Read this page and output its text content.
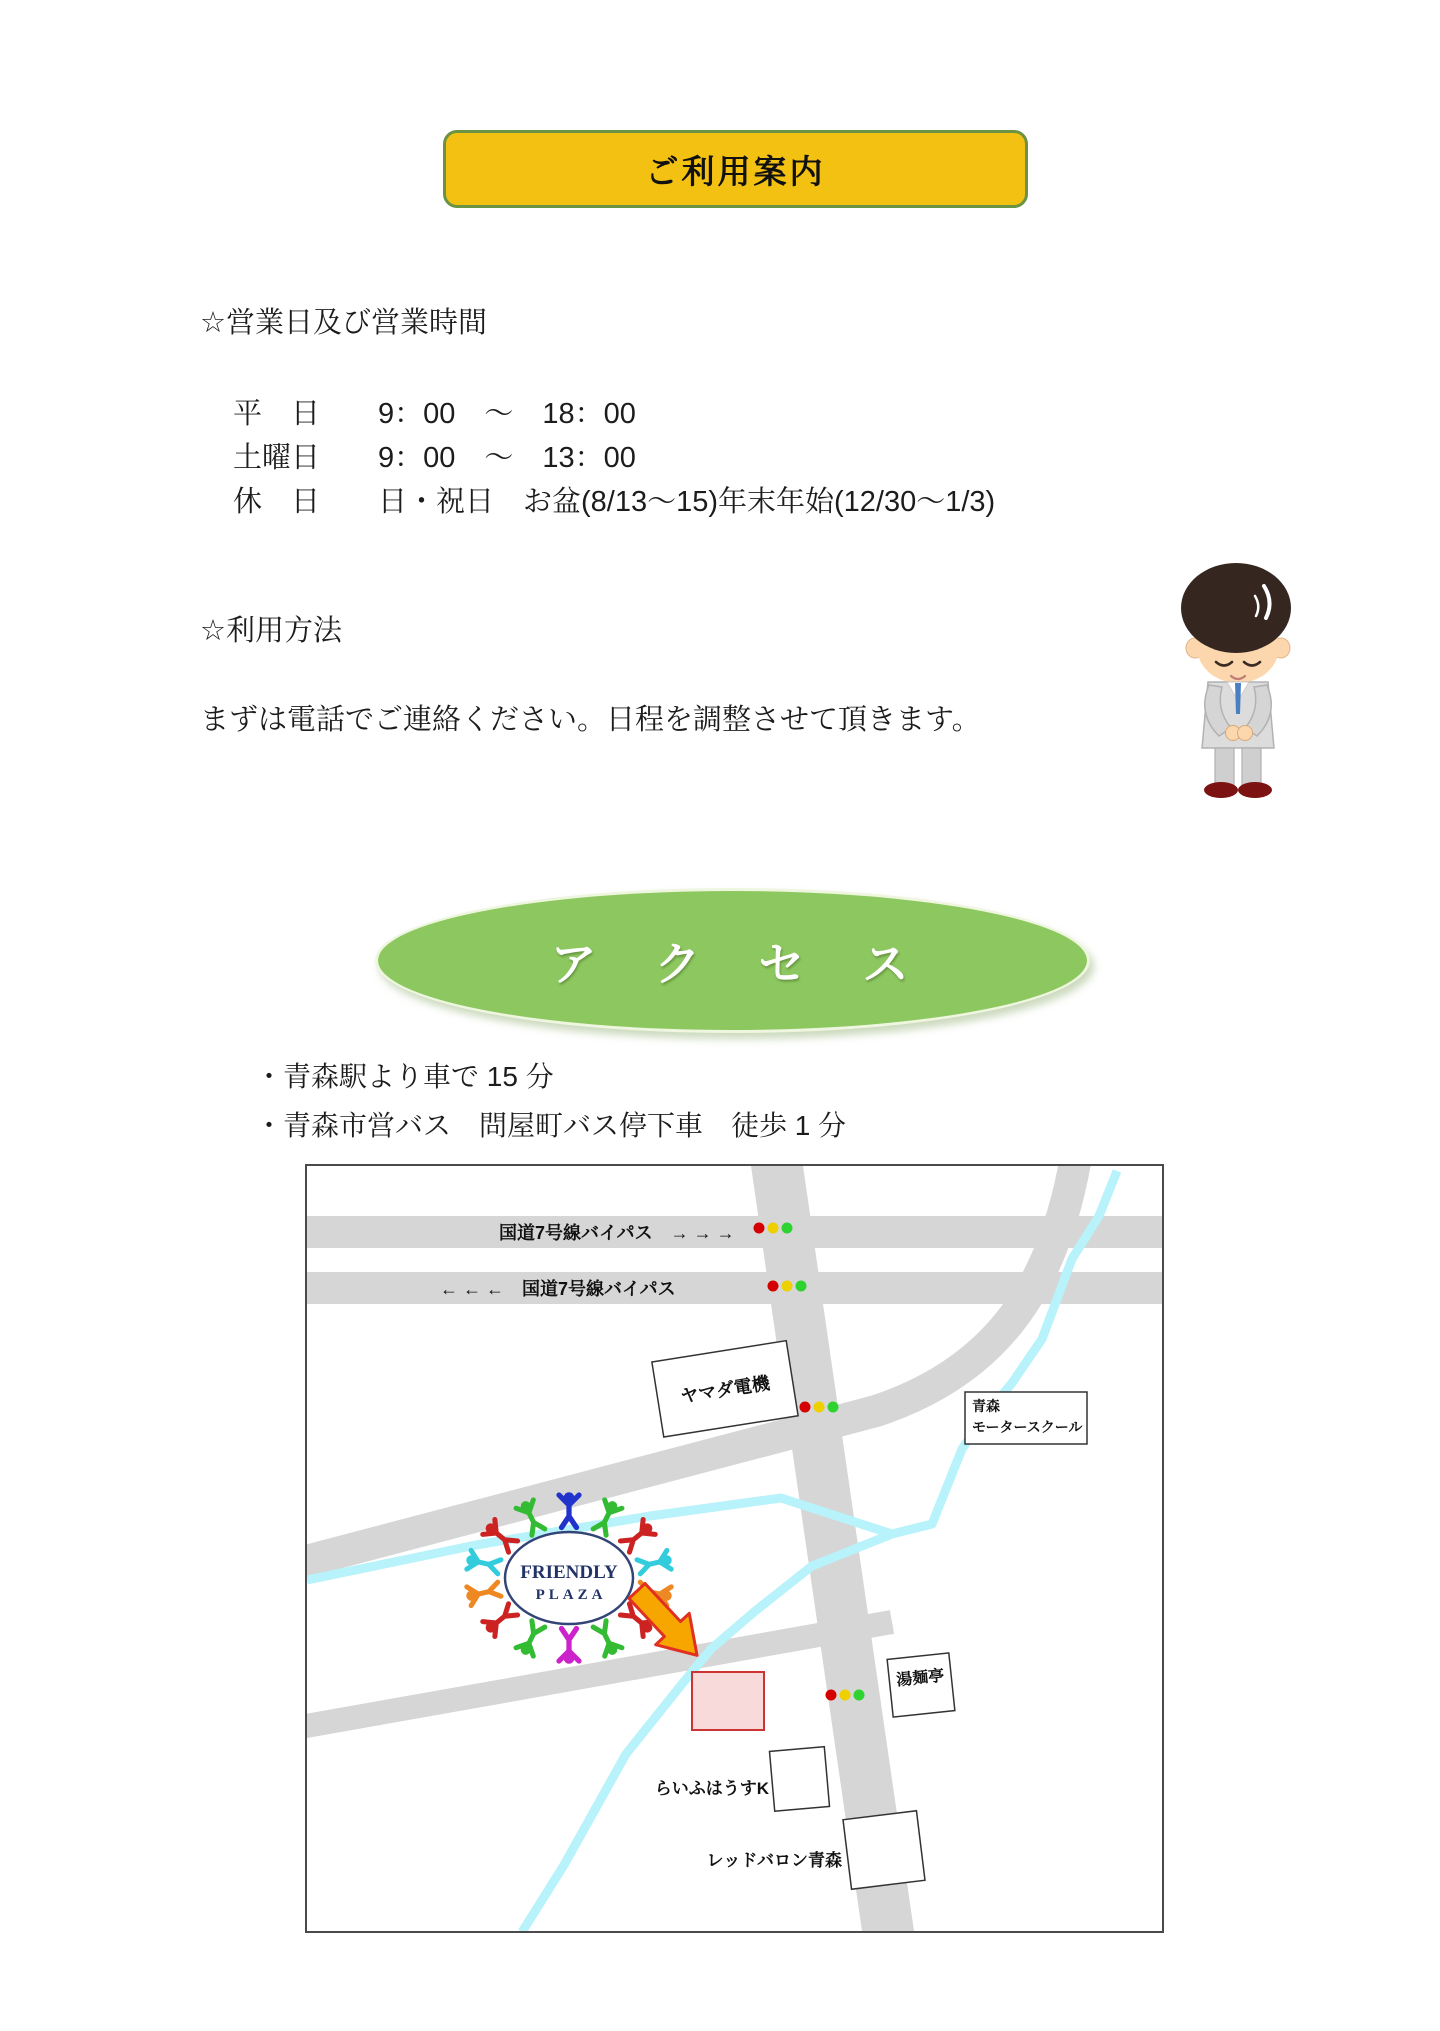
ご利用案内
☆営業日及び営業時間
平　日　　9：00　～　18：00
土曜日　　9：00　～　13：00
休　日　　日・祝日　お盆(8/13～15)年末年始(12/30～1/3)
☆利用方法
まずは電話でご連絡ください。日程を調整させて頂きます。
ア　ク　セ　ス
・青森駅より車で 15 分
・青森市営バス　問屋町バス停下車　徒歩 1 分
国道7号線バイパス　→ → →
← ← ←　国道7号線バイパス
ヤマダ電機	青森
モータースクール
湯麺亭
らいふはうすK
レッドバロン青森
FRIENDLY
PLAZA
